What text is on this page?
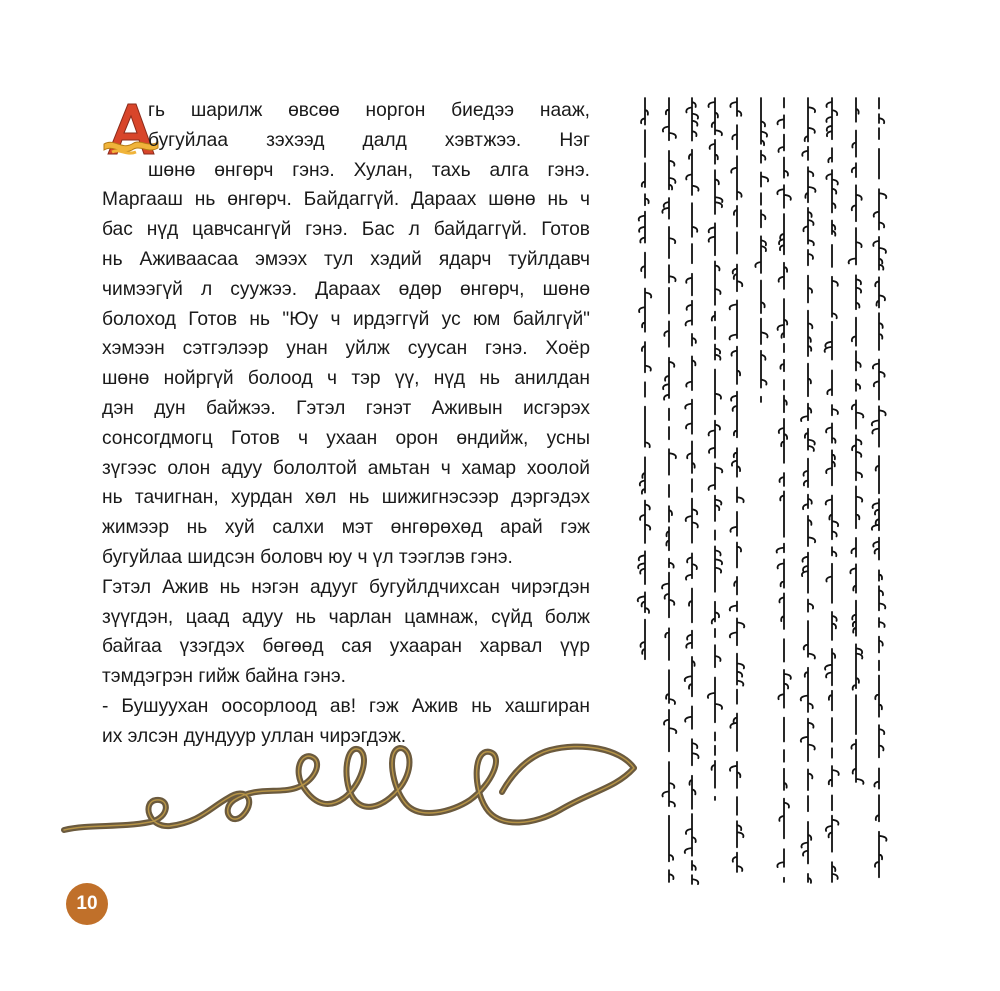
гь шарилж өвсөө норгон биедээ нааж,
бугуйлаа зэхээд далд хэвтжээ. Нэг
шөнө өнгөрч гэнэ. Хулан, тахь алга гэнэ.
Маргааш нь өнгөрч. Байдаггүй. Дараах шөнө нь ч
бас нүд цавчсангүй гэнэ. Бас л байдаггүй. Готов
нь Аживаасаа эмээх тул хэдий ядарч туйлдавч
чимээгүй л суужээ. Дараах өдөр өнгөрч, шөнө
болоход Готов нь "Юу ч ирдэггүй ус юм байлгүй"
хэмээн сэтгэлээр унан уйлж суусан гэнэ. Хоёр
шөнө нойргүй болоод ч тэр үү, нүд нь анилдан
дэн дун байжээ. Гэтэл гэнэт Аживын исгэрэх
сонсогдмогц Готов ч ухаан орон өндийж, усны
зүгээс олон адуу бололтой амьтан ч хамар хоолой
нь тачигнан, хурдан хөл нь шижигнэсээр дэргэдэх
жимээр нь хуй салхи мэт өнгөрөхөд арай гэж
бугуйлаа шидсэн боловч юу ч үл тээглэв гэнэ.
Гэтэл Ажив нь нэгэн адууг бугуйлдчихсан чирэгдэн
зүүгдэн, цаад адуу нь чарлан цамнаж, сүйд болж
байгаа үзэгдэх бөгөөд сая ухааран харвал үүр
тэмдэгрэн гийж байна гэнэ.
- Бушуухан оосорлоод ав! гэж Ажив нь хашгиран
их элсэн дундуур уллан чирэгдэж.
10
